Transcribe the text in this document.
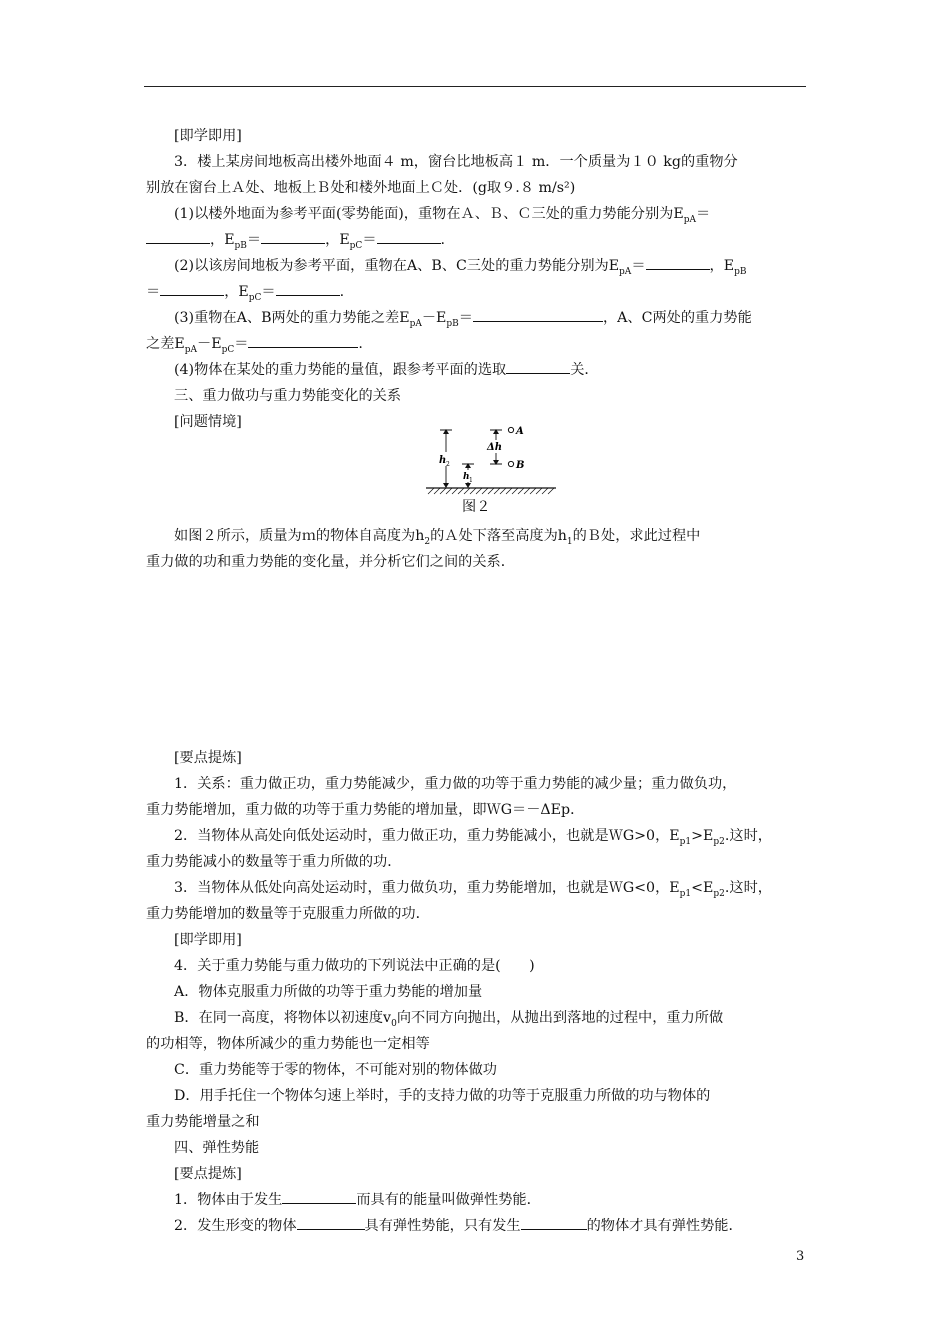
[即学即用]
3．楼上某房间地板高出楼外地面４ m，窗台比地板高１ m．一个质量为１０ kg的重物分
别放在窗台上Ａ处、地板上Ｂ处和楼外地面上Ｃ处．(g取９.８ m/s²)
(1)以楼外地面为参考平面(零势能面)，重物在Ａ、Ｂ、Ｃ三处的重力势能分别为$E_{pA}=$
，$E_{pB}=$	，$E_{pC}=$	.
(2)以该房间地板为参考平面，重物在A、B、C三处的重力势能分别为$E_{pA}=$	，$E_{pB}$
＝	，$E_{pC}=$	.
(3)重物在A、B两处的重力势能之差$E_{pA}-E_{pB}=$	，A、C两处的重力势能
之差$E_{pA}-E_{pC}=$	.
(4)物体在某处的重力势能的量值，跟参考平面的选取	关．
三、重力做功与重力势能变化的关系
[问题情境]
h 2
h 1
Δh
A
B
图２
如图２所示，质量为ｍ的物体自高度为$h_2$的Ａ处下落至高度为$h_1$的Ｂ处，求此过程中
重力做的功和重力势能的变化量，并分析它们之间的关系．
[要点提炼]
1．关系：重力做正功，重力势能减少，重力做的功等于重力势能的减少量；重力做负功，
重力势能增加，重力做的功等于重力势能的增加量，即ＷG＝－ΔEp．
2．当物体从高处向低处运动时，重力做正功，重力势能减小，也就是ＷG>0，$E_{p1}>E_{p2}$.这时，
重力势能减小的数量等于重力所做的功．
3．当物体从低处向高处运动时，重力做负功，重力势能增加，也就是ＷG<0，$E_{p1}<E_{p2}$.这时，
重力势能增加的数量等于克服重力所做的功．
[即学即用]
4．关于重力势能与重力做功的下列说法中正确的是(　　)
A．物体克服重力所做的功等于重力势能的增加量
B．在同一高度，将物体以初速度$v_0$向不同方向抛出，从抛出到落地的过程中，重力所做
的功相等，物体所减少的重力势能也一定相等
C．重力势能等于零的物体，不可能对别的物体做功
D．用手托住一个物体匀速上举时，手的支持力做的功等于克服重力所做的功与物体的
重力势能增量之和
四、弹性势能
[要点提炼]
1．物体由于发生	而具有的能量叫做弹性势能．
2．发生形变的物体	具有弹性势能，只有发生	的物体才具有弹性势能．
3
